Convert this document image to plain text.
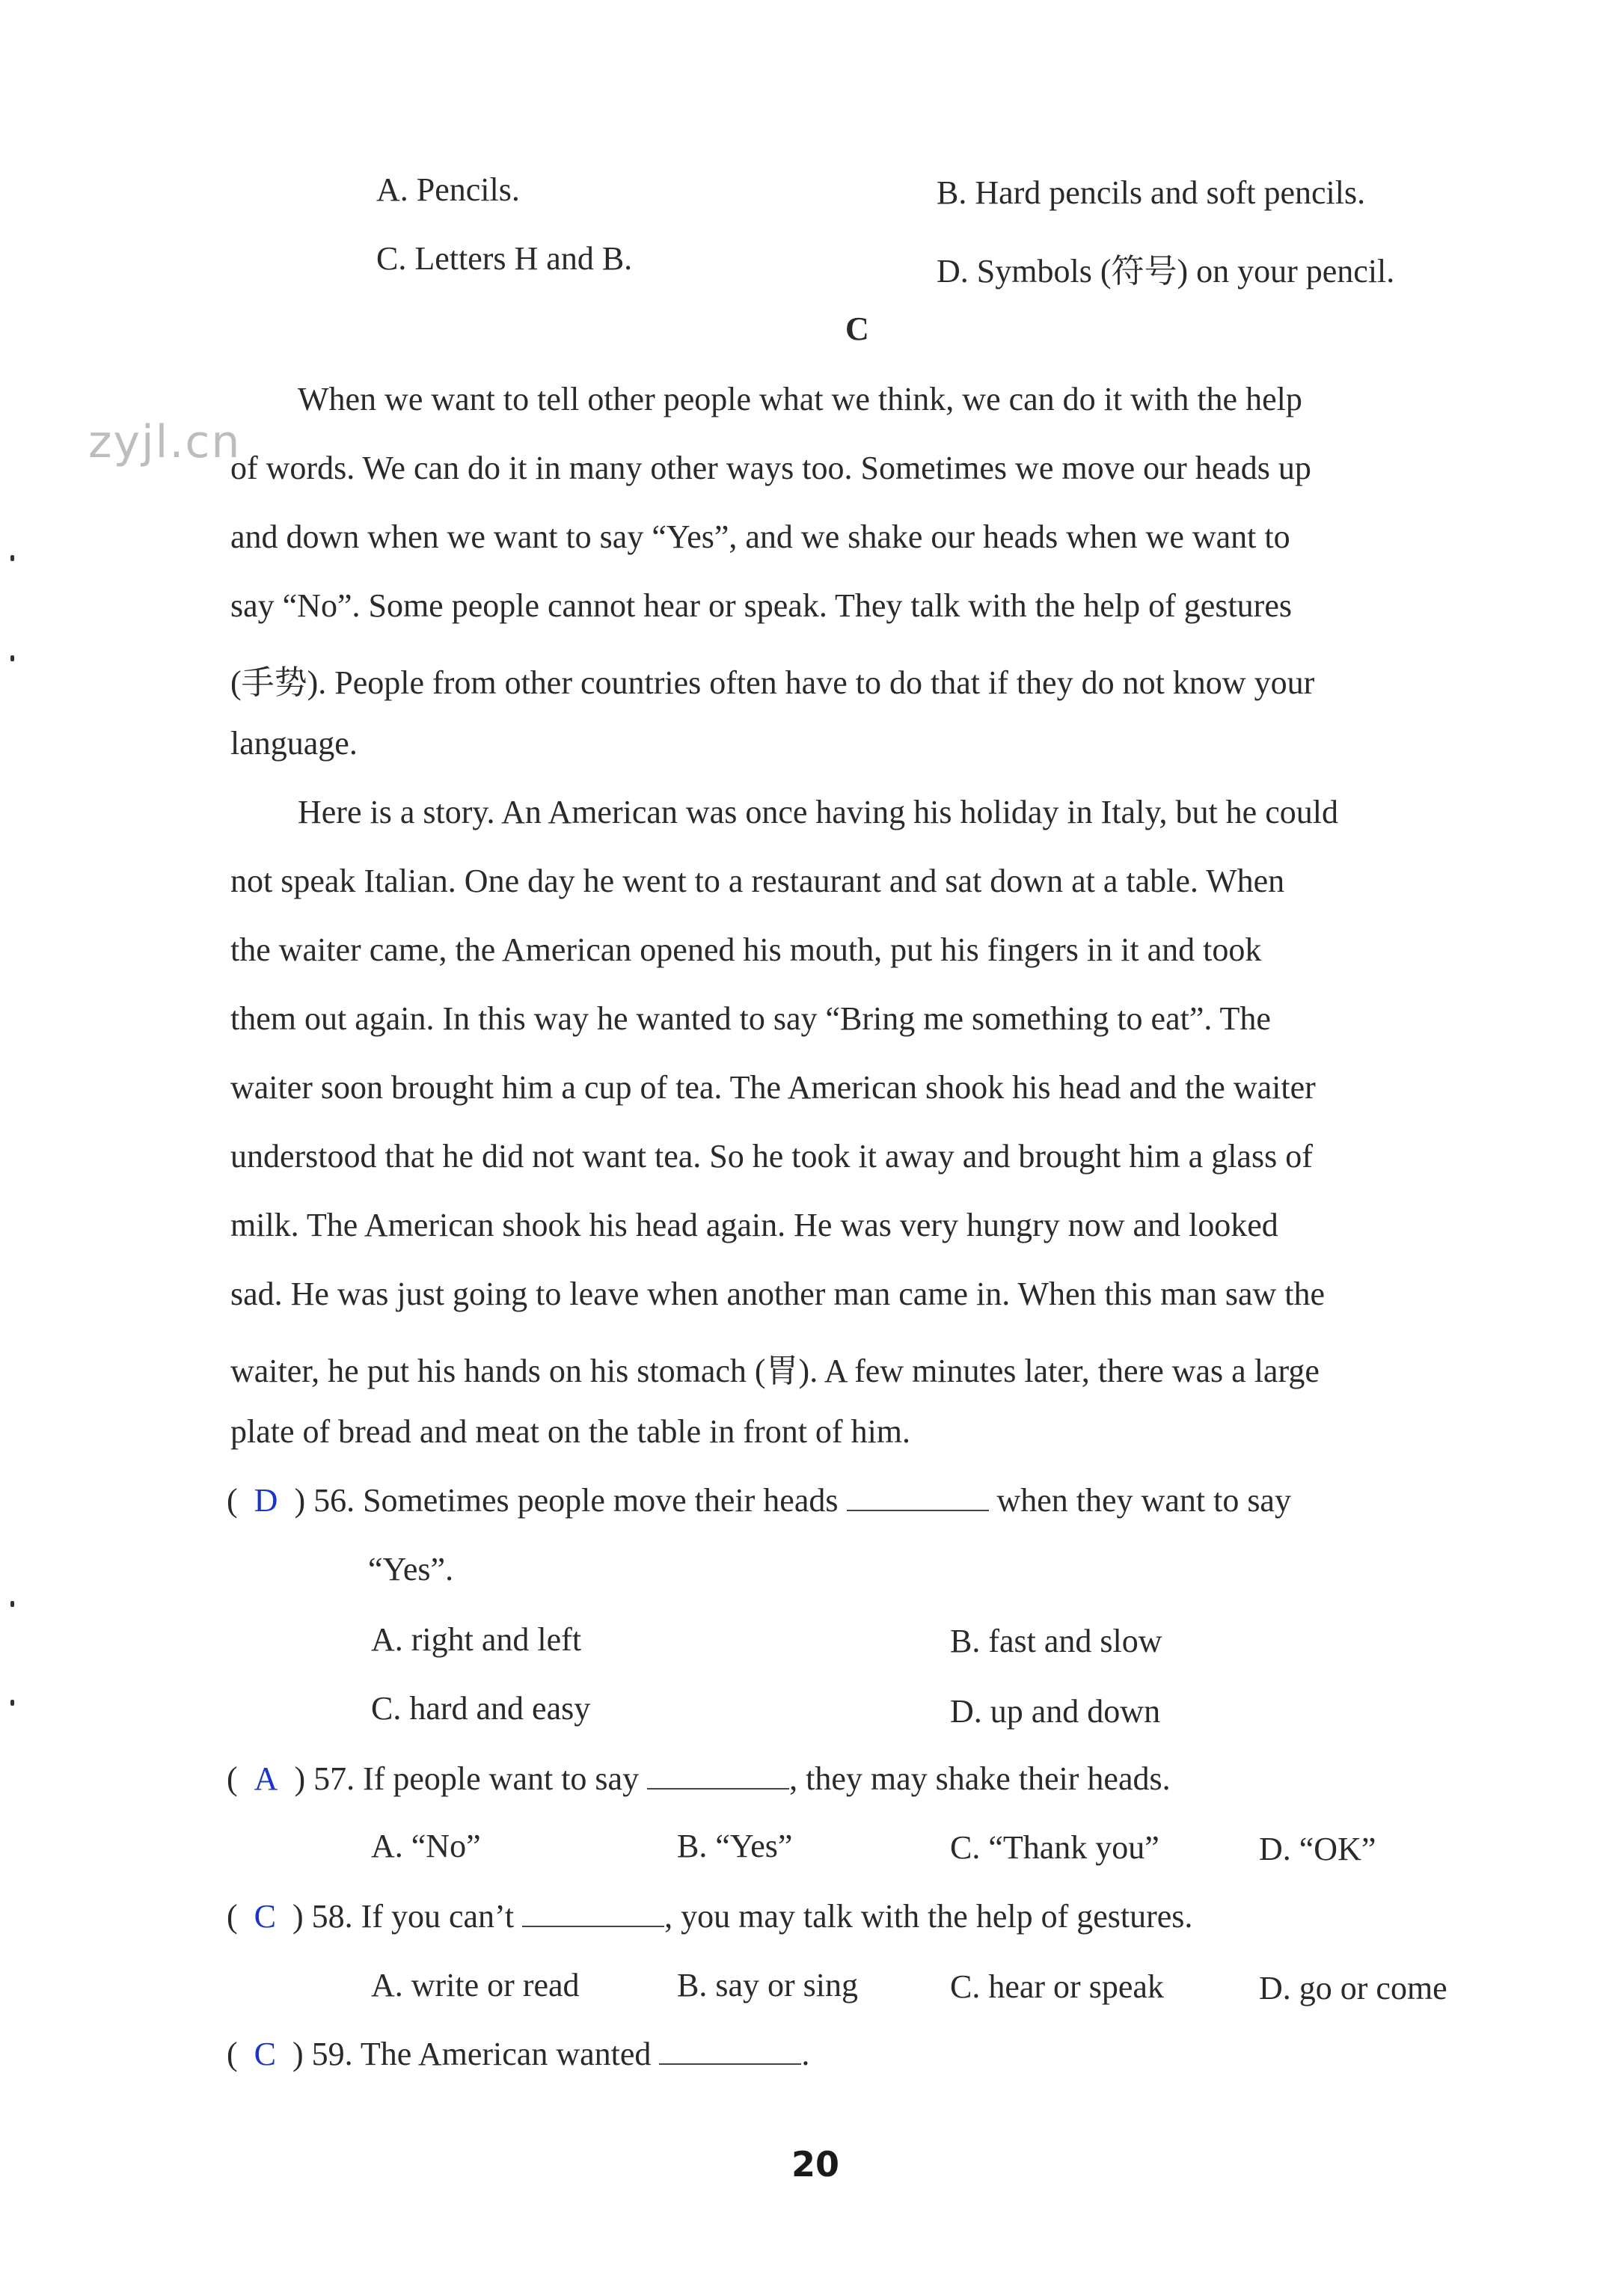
A. Pencils.	B. Hard pencils and soft pencils.
C. Letters H and B.	D. Symbols (符号) on your pencil.
C
zyjl.cn
When we want to tell other people what we think, we can do it with the help
of words. We can do it in many other ways too. Sometimes we move our heads up
and down when we want to say “Yes”, and we shake our heads when we want to
say “No”. Some people cannot hear or speak. They talk with the help of gestures
(手势). People from other countries often have to do that if they do not know your
language.
Here is a story. An American was once having his holiday in Italy, but he could
not speak Italian. One day he went to a restaurant and sat down at a table. When
the waiter came, the American opened his mouth, put his fingers in it and took
them out again. In this way he wanted to say “Bring me something to eat”. The
waiter soon brought him a cup of tea. The American shook his head and the waiter
understood that he did not want tea. So he took it away and brought him a glass of
milk. The American shook his head again. He was very hungry now and looked
sad. He was just going to leave when another man came in. When this man saw the
waiter, he put his hands on his stomach (胃). A few minutes later, there was a large
plate of bread and meat on the table in front of him.
( D ) 56. Sometimes people move their heads	when they want to say
“Yes”.
A. right and left	B. fast and slow
C. hard and easy	D. up and down
( A ) 57. If people want to say	, they may shake their heads.
A. “No”	B. “Yes”	C. “Thank you”	D. “OK”
( C ) 58. If you can’t	, you may talk with the help of gestures.
A. write or read	B. say or sing	C. hear or speak	D. go or come
( C ) 59. The American wanted	.
20
